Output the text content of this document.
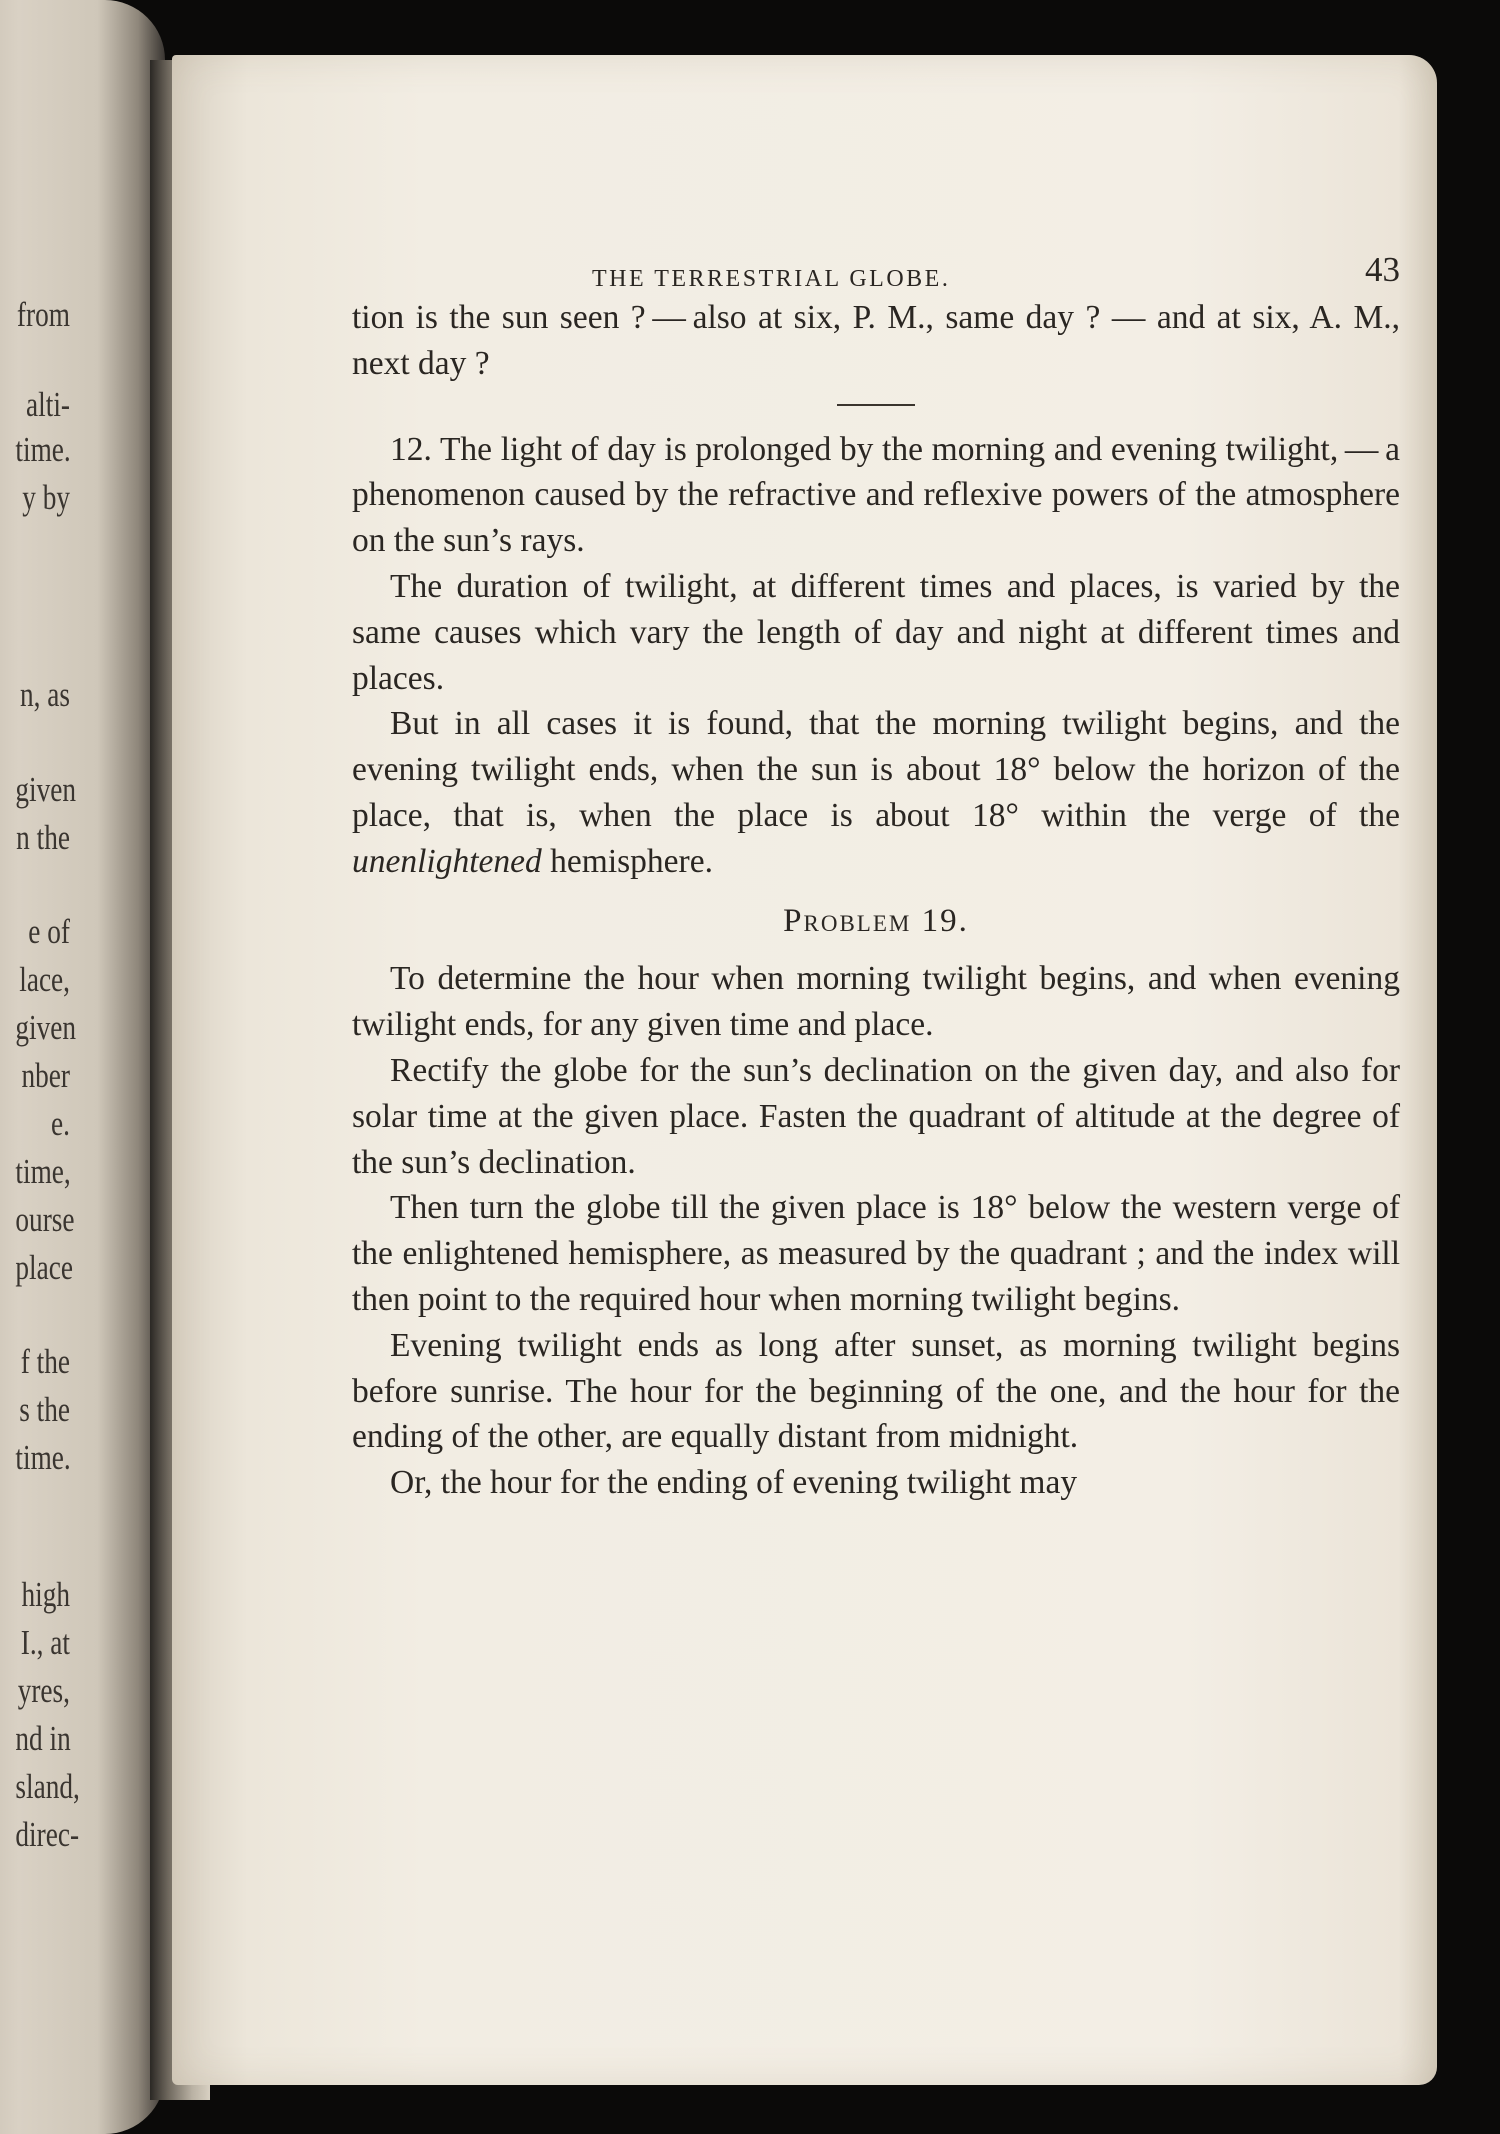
from
alti-
time.
y by
n, as
given
n the
e of
lace,
given
nber
e.
time,
ourse
place
f the
s the
time.
high
I., at
yres,
nd in
sland,
direc-
THE TERRESTRIAL GLOBE.	43

tion is the sun seen ? — also at six, P. M., same day ? — and at six, A. M., next day ?

12. The light of day is prolonged by the morning and evening twilight, — a phenomenon caused by the refractive and reflexive powers of the atmosphere on the sun’s rays.

The duration of twilight, at different times and places, is varied by the same causes which vary the length of day and night at different times and places.

But in all cases it is found, that the morning twilight begins, and the evening twilight ends, when the sun is about 18° below the horizon of the place, that is, when the place is about 18° within the verge of the unenlightened hemisphere.

Problem 19.

To determine the hour when morning twilight begins, and when evening twilight ends, for any given time and place.

Rectify the globe for the sun’s declination on the given day, and also for solar time at the given place. Fasten the quadrant of altitude at the degree of the sun’s declination.

Then turn the globe till the given place is 18° below the western verge of the enlightened hemisphere, as measured by the quadrant ; and the index will then point to the required hour when morning twilight begins.

Evening twilight ends as long after sunset, as morning twilight begins before sunrise. The hour for the beginning of the one, and the hour for the ending of the other, are equally distant from midnight.

Or, the hour for the ending of evening twilight may
